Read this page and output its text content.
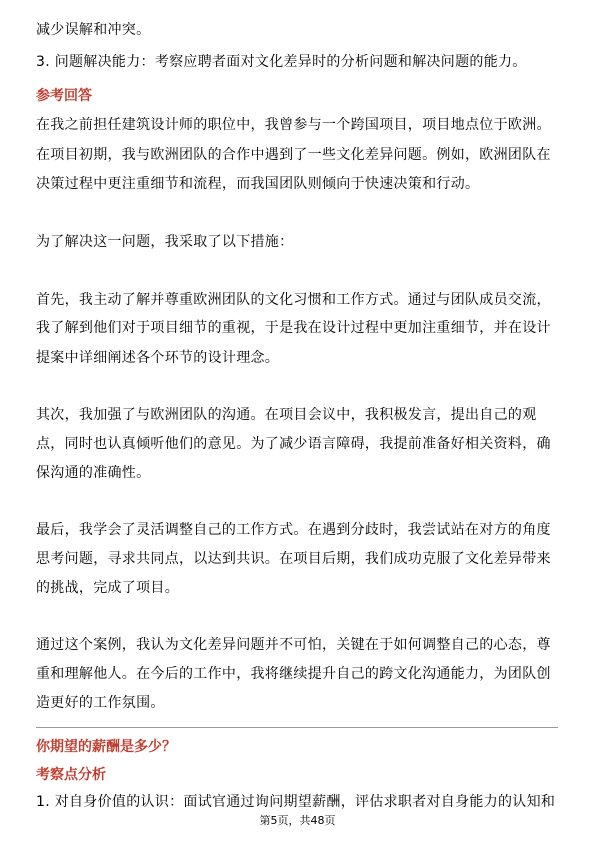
减少误解和冲突。
3. 问题解决能力：考察应聘者面对文化差异时的分析问题和解决问题的能力。
参考回答
在我之前担任建筑设计师的职位中，我曾参与一个跨国项目，项目地点位于欧洲。
在项目初期，我与欧洲团队的合作中遇到了一些文化差异问题。例如，欧洲团队在
决策过程中更注重细节和流程，而我国团队则倾向于快速决策和行动。
为了解决这一问题，我采取了以下措施：
首先，我主动了解并尊重欧洲团队的文化习惯和工作方式。通过与团队成员交流，
我了解到他们对于项目细节的重视，于是我在设计过程中更加注重细节，并在设计
提案中详细阐述各个环节的设计理念。
其次，我加强了与欧洲团队的沟通。在项目会议中，我积极发言，提出自己的观
点，同时也认真倾听他们的意见。为了减少语言障碍，我提前准备好相关资料，确
保沟通的准确性。
最后，我学会了灵活调整自己的工作方式。在遇到分歧时，我尝试站在对方的角度
思考问题，寻求共同点，以达到共识。在项目后期，我们成功克服了文化差异带来
的挑战，完成了项目。
通过这个案例，我认为文化差异问题并不可怕，关键在于如何调整自己的心态，尊
重和理解他人。在今后的工作中，我将继续提升自己的跨文化沟通能力，为团队创
造更好的工作氛围。
你期望的薪酬是多少？
考察点分析
1. 对自身价值的认识：面试官通过询问期望薪酬，评估求职者对自身能力的认知和
第5页，共48页
